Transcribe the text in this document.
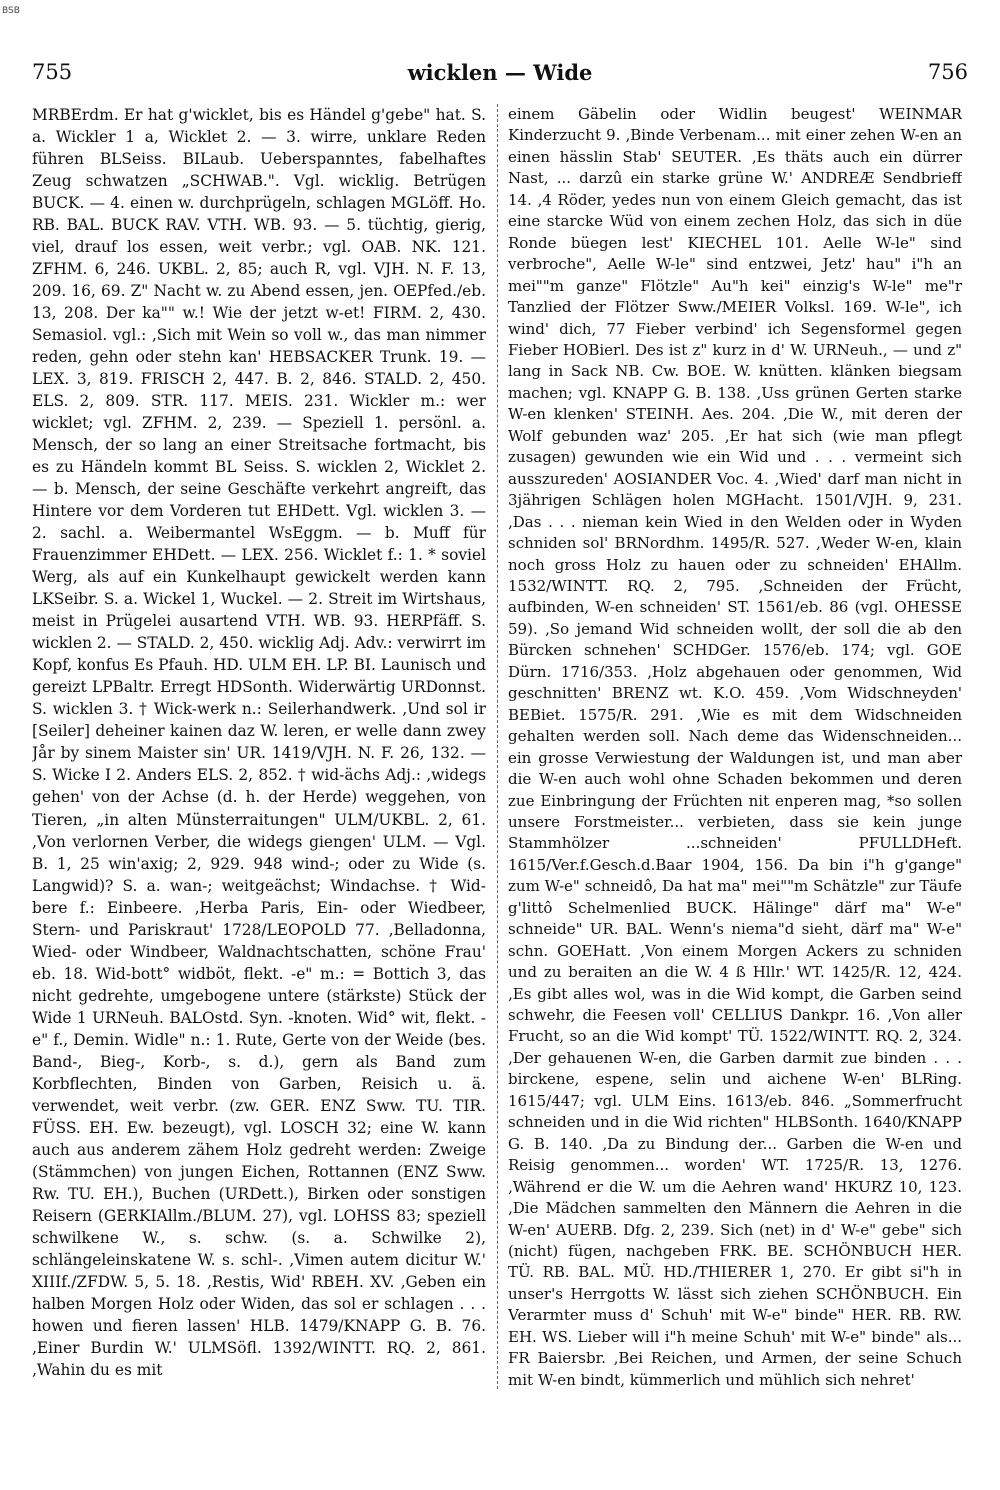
BSB
755	wicklen — Wide	756

MRBErdm. Er hat g'wicklet, bis es Händel g'gebe" hat. S. a. Wickler 1 a, Wicklet 2. — 3. wirre, unklare Reden führen BLSeiss. BILaub. Ueberspanntes, fabelhaftes Zeug schwatzen „SCHWAB.". Vgl. wicklig. Betrügen BUCK. — 4. einen w. durchprügeln, schlagen MGLöff. Ho. RB. BAL. BUCK RAV. VTH. WB. 93. — 5. tüchtig, gierig, viel, drauf los essen, weit verbr.; vgl. OAB. NK. 121. ZFHM. 6, 246. UKBL. 2, 85; auch R, vgl. VJH. N. F. 13, 209. 16, 69. Z" Nacht w. zu Abend essen, jen. OEPfed./eb. 13, 208. Der ka"" w.! Wie der jetzt w-et! FIRM. 2, 430. Semasiol. vgl.: ‚Sich mit Wein so voll w., das man nimmer reden, gehn oder stehn kan' HEBSACKER Trunk. 19. — LEX. 3, 819. FRISCH 2, 447. B. 2, 846. STALD. 2, 450. ELS. 2, 809. STR. 117. MEIS. 231. Wickler m.: wer wicklet; vgl. ZFHM. 2, 239. — Speziell 1. persönl. a. Mensch, der so lang an einer Streitsache fortmacht, bis es zu Händeln kommt BL Seiss. S. wicklen 2, Wicklet 2. — b. Mensch, der seine Geschäfte verkehrt angreift, das Hintere vor dem Vorderen tut EHDett. Vgl. wicklen 3. — 2. sachl. a. Weibermantel WsEggm. — b. Muff für Frauenzimmer EHDett. — LEX. 256. Wicklet f.: 1. * soviel Werg, als auf ein Kunkelhaupt gewickelt werden kann LKSeibr. S. a. Wickel 1, Wuckel. — 2. Streit im Wirtshaus, meist in Prügelei ausartend VTH. WB. 93. HERPfäff. S. wicklen 2. — STALD. 2, 450. wicklig Adj. Adv.: verwirrt im Kopf, konfus Es Pfauh. HD. ULM EH. LP. BI. Launisch und gereizt LPBaltr. Erregt HDSonth. Widerwärtig URDonnst. S. wicklen 3. † Wick-werk n.: Seilerhandwerk. ‚Und sol ir [Seiler] deheiner kainen daz W. leren, er welle dann zwey Jår by sinem Maister sin' UR. 1419/VJH. N. F. 26, 132. — S. Wicke I 2. Anders ELS. 2, 852. † wid-ächs Adj.: ‚widegs gehen' von der Achse (d. h. der Herde) weggehen, von Tieren, „in alten Münsterraitungen" ULM/UKBL. 2, 61. ‚Von verlornen Verber, die widegs giengen' ULM. — Vgl. B. 1, 25 win'axig; 2, 929. 948 wind-; oder zu Wide (s. Langwid)? S. a. wan-; weitgeächst; Windachse. † Wid-bere f.: Einbeere. ‚Herba Paris, Ein- oder Wiedbeer, Stern- und Pariskraut' 1728/LEOPOLD 77. ‚Belladonna, Wied- oder Windbeer, Waldnachtschatten, schöne Frau' eb. 18. Wid-bott° widböt, flekt. -e" m.: = Bottich 3, das nicht gedrehte, umgebogene untere (stärkste) Stück der Wide 1 URNeuh. BALOstd. Syn. -knoten. Wid° wit, flekt. -e" f., Demin. Widle" n.: 1. Rute, Gerte von der Weide (bes. Band-, Bieg-, Korb-, s. d.), gern als Band zum Korbflechten, Binden von Garben, Reisich u. ä. verwendet, weit verbr. (zw. GER. ENZ Sww. TU. TIR. FÜSS. EH. Ew. bezeugt), vgl. LOSCH 32; eine W. kann auch aus anderem zähem Holz gedreht werden: Zweige (Stämmchen) von jungen Eichen, Rottannen (ENZ Sww. Rw. TU. EH.), Buchen (URDett.), Birken oder sonstigen Reisern (GERKIAllm./BLUM. 27), vgl. LOHSS 83; speziell schwilkene W., s. schw. (s. a. Schwilke 2), schlängeleinskatene W. s. schl-. ‚Vimen autem dicitur W.' XIIIf./ZFDW. 5, 5. 18. ‚Restis, Wid' RBEH. XV. ‚Geben ein halben Morgen Holz oder Widen, das sol er schlagen . . . howen und fieren lassen' HLB. 1479/KNAPP G. B. 76. ‚Einer Burdin W.' ULMSöfl. 1392/WINTT. RQ. 2, 861. ‚Wahin du es mit

einem Gäbelin oder Widlin beugest' WEINMAR Kinderzucht 9. ‚Binde Verbenam... mit einer zehen W-en an einen hässlin Stab' SEUTER. ‚Es thäts auch ein dürrer Nast, ... darzû ein starke grüne W.' ANDREÆ Sendbrieff 14. ‚4 Röder, yedes nun von einem Gleich gemacht, das ist eine starcke Wüd von einem zechen Holz, das sich in düe Ronde büegen lest' KIECHEL 101. Aelle W-le" sind verbroche", Aelle W-le" sind entzwei, Jetz' hau" i"h an mei""m ganze" Flötzle" Au"h kei" einzig's W-le" me"r Tanzlied der Flötzer Sww./MEIER Volksl. 169. W-le", ich wind' dich, 77 Fieber verbind' ich Segensformel gegen Fieber HOBierl. Des ist z" kurz in d' W. URNeuh., — und z" lang in Sack NB. Cw. BOE. W. knütten. klänken biegsam machen; vgl. KNAPP G. B. 138. ‚Uss grünen Gerten starke W-en klenken' STEINH. Aes. 204. ‚Die W., mit deren der Wolf gebunden waz' 205. ‚Er hat sich (wie man pflegt zusagen) gewunden wie ein Wid und . . . vermeint sich ausszureden' AOSIANDER Voc. 4. ‚Wied' darf man nicht in 3jährigen Schlägen holen MGHacht. 1501/VJH. 9, 231. ‚Das . . . nieman kein Wied in den Welden oder in Wyden schniden sol' BRNordhm. 1495/R. 527. ‚Weder W-en, klain noch gross Holz zu hauen oder zu schneiden' EHAllm. 1532/WINTT. RQ. 2, 795. ‚Schneiden der Frücht, aufbinden, W-en schneiden' ST. 1561/eb. 86 (vgl. OHESSE 59). ‚So jemand Wid schneiden wollt, der soll die ab den Bürcken schnehen' SCHDGer. 1576/eb. 174; vgl. GOE Dürn. 1716/353. ‚Holz abgehauen oder genommen, Wid geschnitten' BRENZ wt. K.O. 459. ‚Vom Widschneyden' BEBiet. 1575/R. 291. ‚Wie es mit dem Widschneiden gehalten werden soll. Nach deme das Widenschneiden... ein grosse Verwiestung der Waldungen ist, und man aber die W-en auch wohl ohne Schaden bekommen und deren zue Einbringung der Früchten nit enperen mag, *so sollen unsere Forstmeister... verbieten, dass sie kein junge Stammhölzer ...schneiden' PFULLDHeft. 1615/Ver.f.Gesch.d.Baar 1904, 156. Da bin i"h g'gange" zum W-e" schneidô, Da hat ma" mei""m Schätzle" zur Täufe g'littô Schelmenlied BUCK. Hälinge" därf ma" W-e" schneide" UR. BAL. Wenn's niema"d sieht, därf ma" W-e" schn. GOEHatt. ‚Von einem Morgen Ackers zu schniden und zu beraiten an die W. 4 ß Hllr.' WT. 1425/R. 12, 424. ‚Es gibt alles wol, was in die Wid kompt, die Garben seind schwehr, die Feesen voll' CELLIUS Dankpr. 16. ‚Von aller Frucht, so an die Wid kompt' TÜ. 1522/WINTT. RQ. 2, 324. ‚Der gehauenen W-en, die Garben darmit zue binden . . . birckene, espene, selin und aichene W-en' BLRing. 1615/447; vgl. ULM Eins. 1613/eb. 846. „Sommerfrucht schneiden und in die Wid richten" HLBSonth. 1640/KNAPP G. B. 140. ‚Da zu Bindung der... Garben die W-en und Reisig genommen... worden' WT. 1725/R. 13, 1276. ‚Während er die W. um die Aehren wand' HKURZ 10, 123. ‚Die Mädchen sammelten den Männern die Aehren in die W-en' AUERB. Dfg. 2, 239. Sich (net) in d' W-e" gebe" sich (nicht) fügen, nachgeben FRK. BE. SCHÖNBUCH HER. TÜ. RB. BAL. MÜ. HD./THIERER 1, 270. Er gibt si"h in unser's Herrgotts W. lässt sich ziehen SCHÖNBUCH. Ein Verarmter muss d' Schuh' mit W-e" binde" HER. RB. RW. EH. WS. Lieber will i"h meine Schuh' mit W-e" binde" als... FR Baiersbr. ‚Bei Reichen, und Armen, der seine Schuch mit W-en bindt, kümmerlich und mühlich sich nehret'
